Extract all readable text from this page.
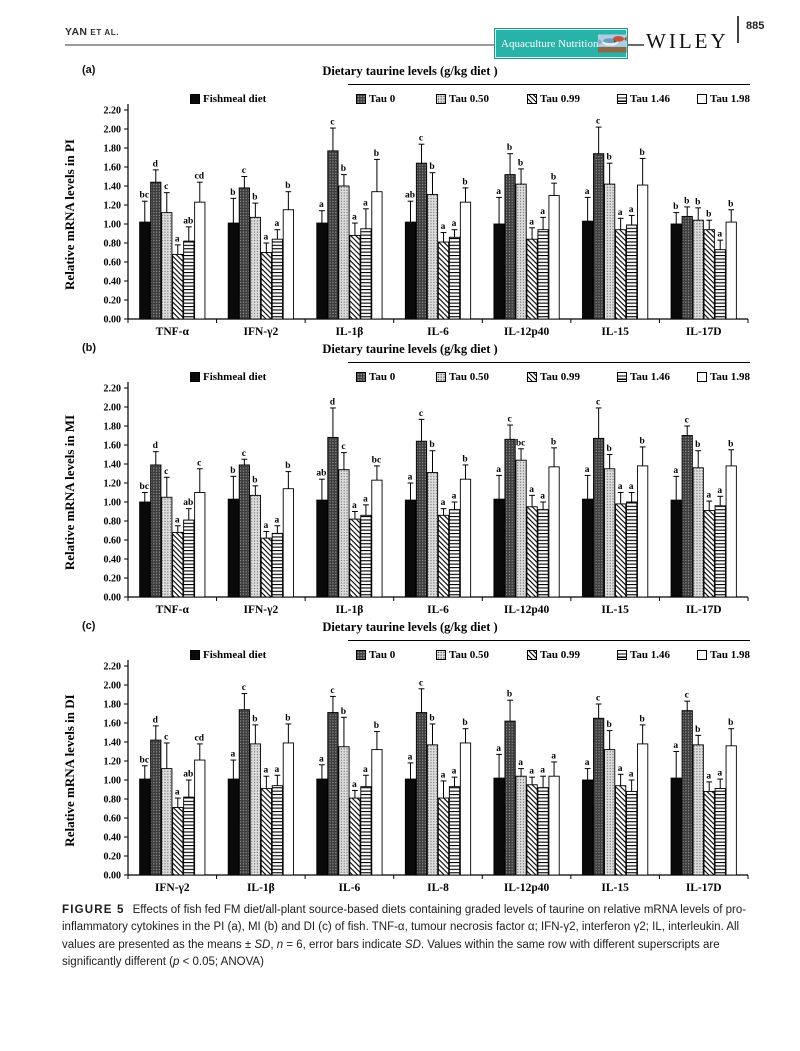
YAN ET AL.
Aquaculture Nutrition WILEY
885
(a)	Dietary taurine levels (g/kg diet )
Fishmeal diet	Tau 0	Tau 0.50	Tau 0.99	Tau 1.46	Tau 1.98
0.00
0.20
0.40
0.60
0.80
1.00
1.20
1.40
1.60
1.80
2.00
2.20
Relative mRNA levels in PI
TNF-α	IFN-γ2	IL-1β	IL-6	IL-12p40	IL-15	IL-17D
bc
d
c
a
ab
cd
b
c
b
a
a
b
a
c
b
a
a
b
ab
c
b
a a
b
a
b
b
a
a
b
a
c
b
a a
b
b
b b
b
a
b
(b)	Dietary taurine levels (g/kg diet )
Fishmeal diet	Tau 0	Tau 0.50	Tau 0.99	Tau 1.46	Tau 1.98
0.00
0.20
0.40
0.60
0.80
1.00
1.20
1.40
1.60
1.80
2.00
2.20
Relative mRNA levels in MI
TNF-α	IFN-γ2	IL-1β	IL-6	IL-12p40	IL-15	IL-17D
bc
d
c
a
ab
c
b
c
b
a
a
b
ab
d
c
a
a
bc
a
c
b
a
a
b
a
c
bc
a
a
b
a
c
b
a a
b
a
c
b
a a
b
(c)	Dietary taurine levels (g/kg diet )
Fishmeal diet	Tau 0	Tau 0.50	Tau 0.99	Tau 1.46	Tau 1.98
0.00
0.20
0.40
0.60
0.80
1.00
1.20
1.40
1.60
1.80
2.00
2.20
Relative mRNA levels in DI
IFN-γ2	IL-1β	IL-6	IL-8	IL-12p40	IL-15	IL-17D
bc
d
c
a
ab
cd
a
c
b
a a
b
a
c
b
a
a
b
a
c
b
a a
b
a
b
a
a a
a
a
c
b
a
a
b
a
c
b
a a
b
FIGURE 5 Effects of fish fed FM diet/all-plant source-based diets containing graded levels of taurine on relative mRNA levels of pro-inflammatory cytokines in the PI (a), MI (b) and DI (c) of fish. TNF-α, tumour necrosis factor α; IFN-γ2, interferon γ2; IL, interleukin. All values are presented as the means ± SD, n = 6, error bars indicate SD. Values within the same row with different superscripts are significantly different (p < 0.05; ANOVA)
